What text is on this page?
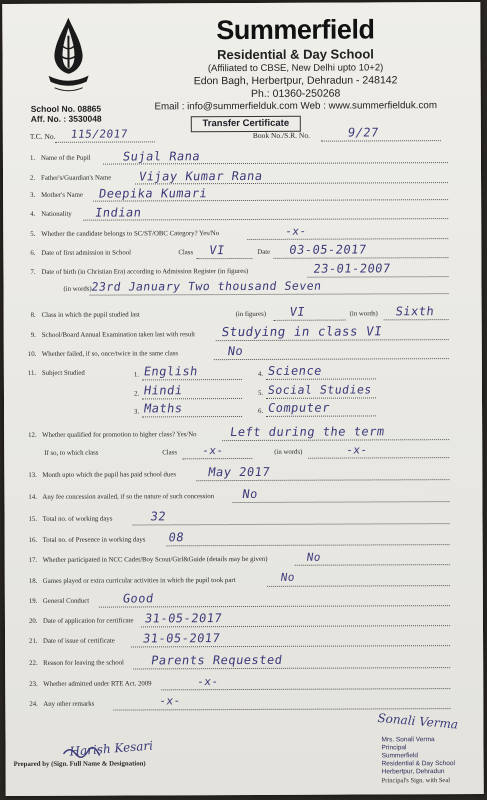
Summerfield
Residential & Day School
(Affiliated to CBSE, New Delhi upto 10+2)
Edon Bagh, Herbertpur, Dehradun - 248142
Ph.: 01360-250268
Email : info@summerfielduk.com Web : www.summerfielduk.com
School No. 08865
Aff. No. : 3530048	Transfer Certificate
T.C. No. 115/2017	Book No./S.R. No.	9/27
1. Name of the Pupil	Sujal Rana
2. Father's/Guardian's Name Vijay Kumar Rana
3. Mother's Name Deepika Kumari
4. Nationality Indian
5. Whether the candidate belongs to SC/ST/OBC Category? Yes/No	-x-
6. Date of first admission in School	Class VI	Date 03-05-2017
7. Date of birth (in Christian Era) according to Admission Register (in figures)	23-01-2007
(in words)
23rd January Two thousand Seven
8. Class in which the pupil studied last	(in figures) VI	(in words) Sixth
9. School/Board Annual Examination taken last with result Studying in class VI
10. Whether failed, if so, once/twice in the same class	No
11. Subject Studied	1. English
2. Hindi
3. Maths
4. Science
5. Social Studies
6. Computer
12. Whether qualified for promotion to higher class? Yes/No	Left during the term
If so, to which class	Class -x-	(in words)	-x-
13. Month upto which the pupil has paid school dues	May 2017
14. Any fee concession availed, if so the nature of such concession No
15. Total no. of working days	32
16. Total no. of Presence in working days 08
17. Whether participated in NCC Cadet/Boy Scout/Girl&Guide (details may be given)	No
18. Games played or extra curricular activities in which the pupil took part	No
19. General Conduct	Good
20. Date of application for certificate 31-05-2017
21. Date of issue of certificate 31-05-2017
22. Reason for leaving the school Parents Requested
23. Whether admitted under RTE Act. 2009	-x-
24. Any other remarks	-x-
Harish Kesari
Prepared by (Sign. Full Name & Designation)
Sonali Verma
Mrs. Sonali Verma
Principal
Summerfield
Residential & Day School
Herbertpur, Dehradun
Principal's Sign. with Seal
